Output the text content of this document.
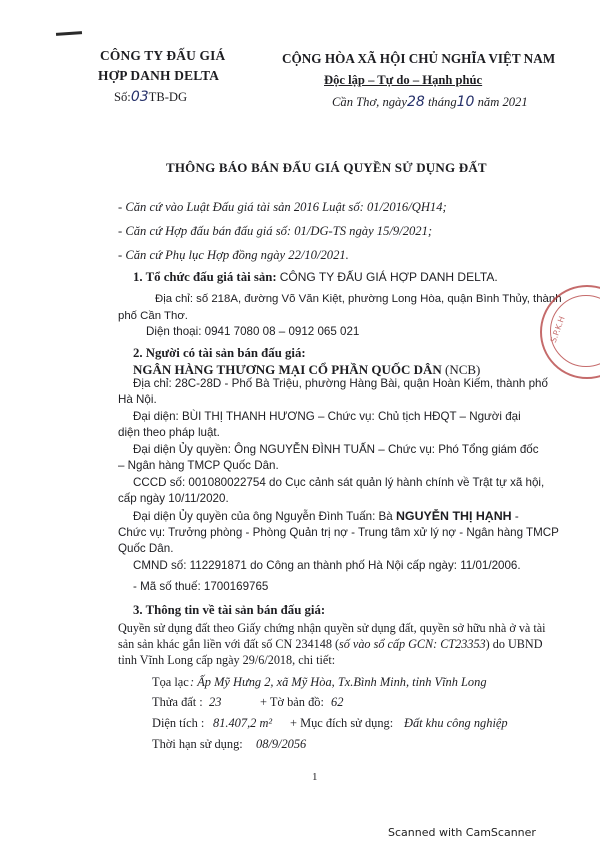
CÔNG TY ĐẤU GIÁ
HỢP DANH DELTA
Số:03TB-DG
CỘNG HÒA XÃ HỘI CHỦ NGHĨA VIỆT NAM
Độc lập – Tự do – Hạnh phúc
Cần Thơ, ngày28 tháng10 năm 2021
THÔNG BÁO BÁN ĐẤU GIÁ QUYỀN SỬ DỤNG ĐẤT
- Căn cứ vào Luật Đấu giá tài sản 2016 Luật số: 01/2016/QH14;
- Căn cứ Hợp đấu bán đấu giá số: 01/DG-TS ngày 15/9/2021;
- Căn cứ Phụ lục Hợp đồng ngày 22/10/2021.
1. Tổ chức đấu giá tài sản: CÔNG TY ĐẤU GIÁ HỢP DANH DELTA.
Địa chỉ: số 218A, đường Võ Văn Kiệt, phường Long Hòa, quận Bình Thủy, thành
phố Cần Thơ.
Diện thoại: 0941 7080 08 – 0912 065 021
2. Người có tài sản bán đấu giá:
NGÂN HÀNG THƯƠNG MẠI CỔ PHẦN QUỐC DÂN (NCB)
Địa chỉ: 28C-28D - Phố Bà Triệu, phường Hàng Bài, quận Hoàn Kiếm, thành phố
Hà Nội.
Đại diện: BÙI THỊ THANH HƯƠNG – Chức vụ: Chủ tịch HĐQT – Người đại
diện theo pháp luật.
Đại diện Ủy quyền: Ông NGUYỄN ĐÌNH TUẤN – Chức vụ: Phó Tổng giám đốc
– Ngân hàng TMCP Quốc Dân.
CCCD số: 001080022754 do Cục cảnh sát quản lý hành chính về Trật tự xã hội,
cấp ngày 10/11/2020.
Đại diện Ủy quyền của ông Nguyễn Đình Tuấn: Bà NGUYỄN THỊ HẠNH -
Chức vụ: Trưởng phòng - Phòng Quản trị nợ - Trung tâm xử lý nợ - Ngân hàng TMCP
Quốc Dân.
CMND số: 112291871 do Công an thành phố Hà Nội cấp ngày: 11/01/2006.
- Mã số thuế: 1700169765
3. Thông tin về tài sản bán đấu giá:
Quyền sử dụng đất theo Giấy chứng nhận quyền sử dụng đất, quyền sở hữu nhà ở và tài
sản sản khác gắn liền với đất số CN 234148 (số vào sổ cấp GCN: CT23353) do UBND
tỉnh Vĩnh Long cấp ngày 29/6/2018, chi tiết:
Tọa lạc : Ấp Mỹ Hưng 2, xã Mỹ Hòa, Tx.Bình Minh, tỉnh Vĩnh Long
Thửa đất : 23	+ Tờ bản đồ: 62
Diện tích : 81.407,2 m² + Mục đích sử dụng: Đất khu công nghiệp
Thời hạn sử dụng: 08/9/2056
1
S.P.K.H
Scanned with CamScanner
